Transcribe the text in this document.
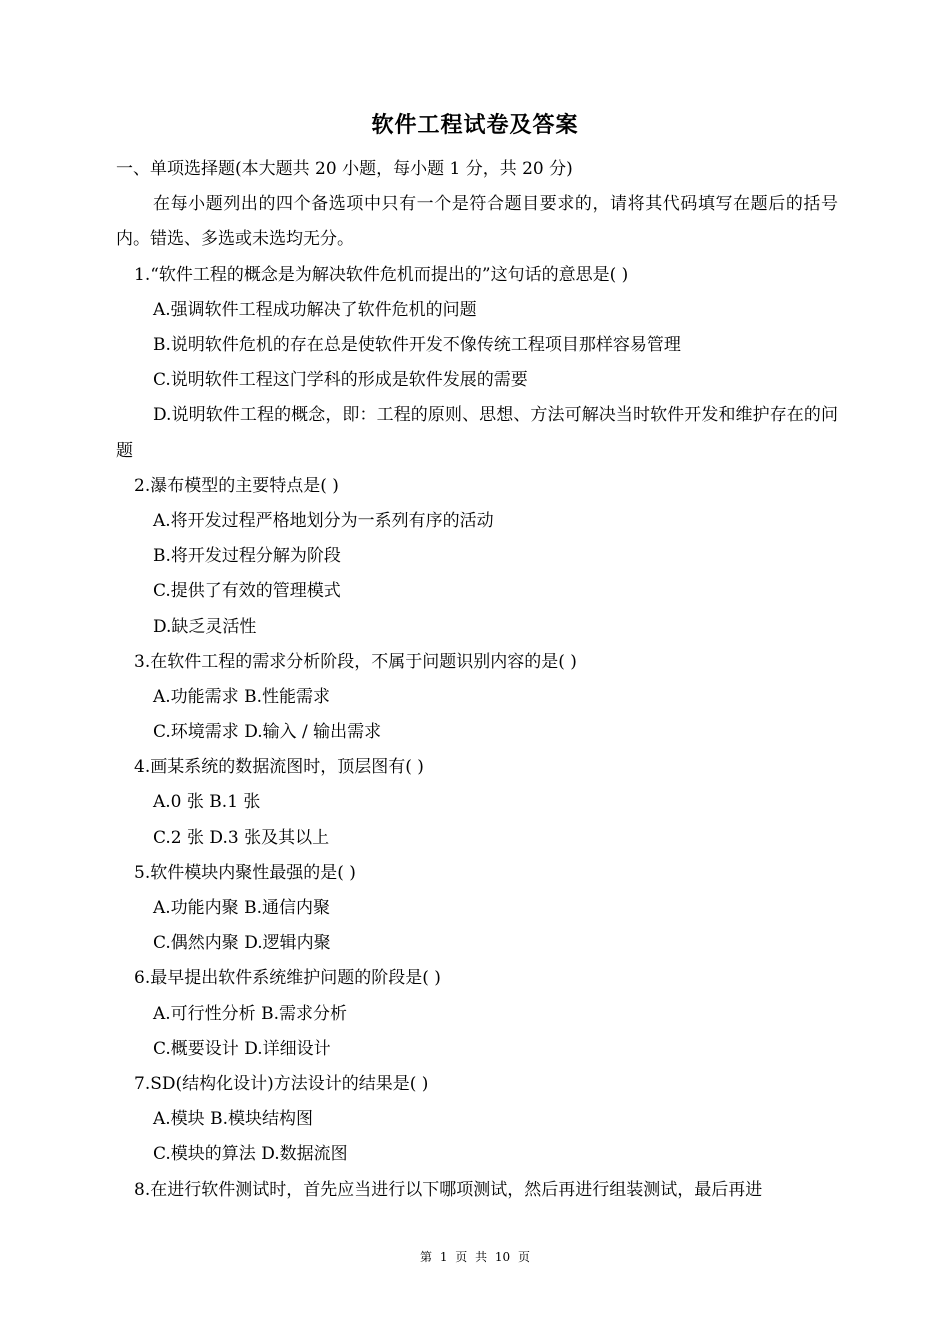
软件工程试卷及答案
一、单项选择题(本大题共 20 小题，每小题 1 分，共 20 分)
在每小题列出的四个备选项中只有一个是符合题目要求的，请将其代码填写在题后的括号内。错选、多选或未选均无分。
1.“软件工程的概念是为解决软件危机而提出的”这句话的意思是( )
A.强调软件工程成功解决了软件危机的问题
B.说明软件危机的存在总是使软件开发不像传统工程项目那样容易管理
C.说明软件工程这门学科的形成是软件发展的需要
D.说明软件工程的概念，即：工程的原则、思想、方法可解决当时软件开发和维护存在的问题
2.瀑布模型的主要特点是( )
A.将开发过程严格地划分为一系列有序的活动
B.将开发过程分解为阶段
C.提供了有效的管理模式
D.缺乏灵活性
3.在软件工程的需求分析阶段，不属于问题识别内容的是( )
A.功能需求 B.性能需求
C.环境需求 D.输入 / 输出需求
4.画某系统的数据流图时，顶层图有( )
A.0 张 B.1 张
C.2 张 D.3 张及其以上
5.软件模块内聚性最强的是( )
A.功能内聚 B.通信内聚
C.偶然内聚 D.逻辑内聚
6.最早提出软件系统维护问题的阶段是( )
A.可行性分析 B.需求分析
C.概要设计 D.详细设计
7.SD(结构化设计)方法设计的结果是( )
A.模块 B.模块结构图
C.模块的算法 D.数据流图
8.在进行软件测试时，首先应当进行以下哪项测试，然后再进行组装测试，最后再进
第 1 页 共 10 页
